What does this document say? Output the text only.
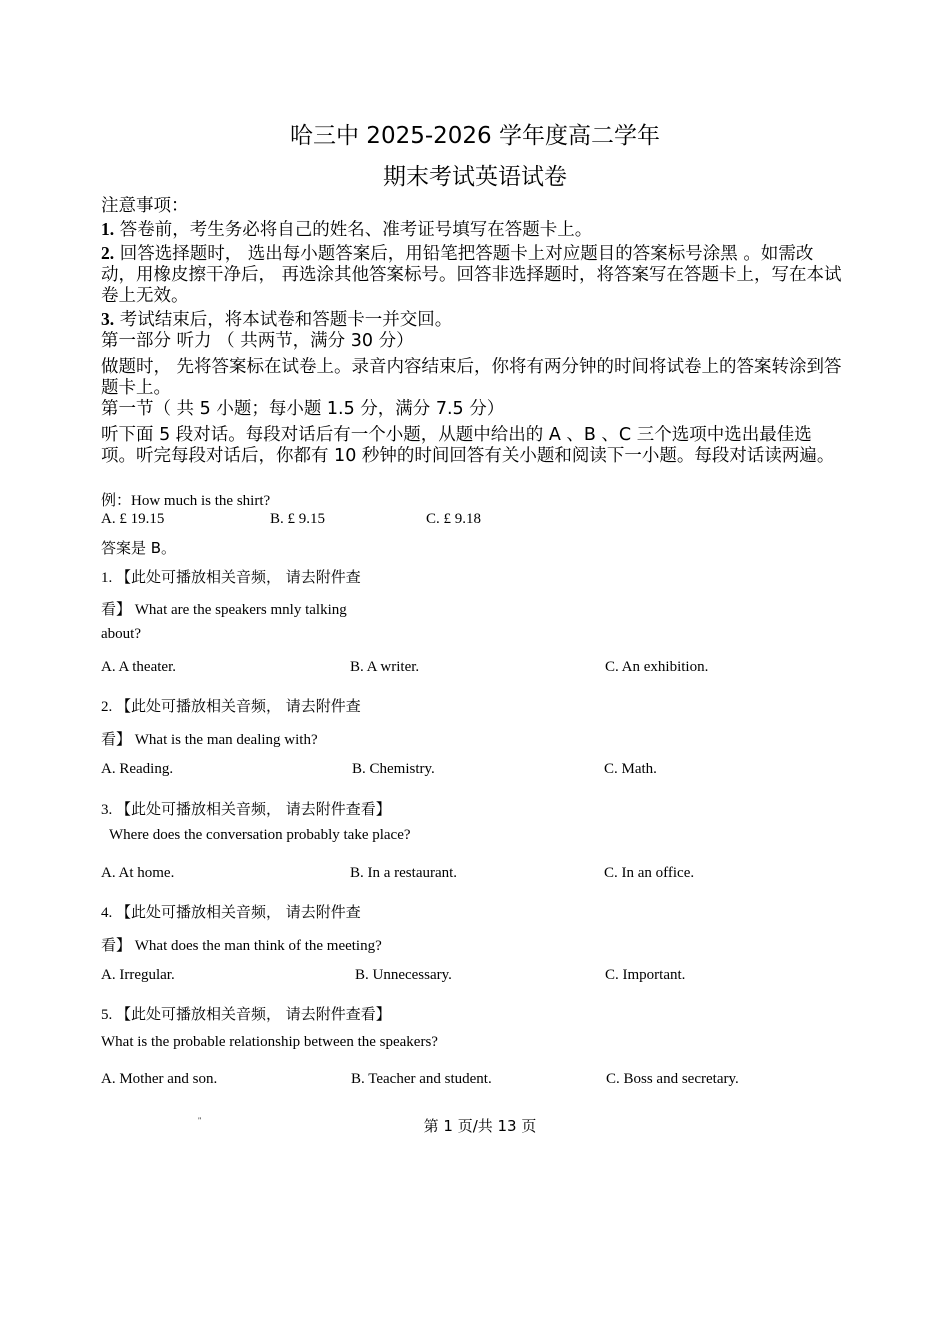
哈三中 2025-2026 学年度高二学年
期末考试英语试卷
注意事项：
1. 答卷前，考生务必将自己的姓名、准考证号填写在答题卡上。
2. 回答选择题时， 选出每小题答案后，用铅笔把答题卡上对应题目的答案标号涂黑 。如需改动，用橡皮擦干净后， 再选涂其他答案标号。回答非选择题时，将答案写在答题卡上，写在本试卷上无效。
3. 考试结束后，将本试卷和答题卡一并交回。
第一部分 听力 （ 共两节，满分 30 分）
做题时， 先将答案标在试卷上。录音内容结束后，你将有两分钟的时间将试卷上的答案转涂到答题卡上。
第一节（ 共 5 小题；每小题 1.5 分，满分 7.5 分）
听下面 5 段对话。每段对话后有一个小题，从题中给出的 A 、B 、C 三个选项中选出最佳选项。听完每段对话后，你都有 10 秒钟的时间回答有关小题和阅读下一小题。每段对话读两遍。
例：How much is the shirt?
A. £ 19.15	B. £ 9.15	C. £ 9.18
答案是 B。
1. 【此处可播放相关音频， 请去附件查
看】 What are the speakers mnly talking
about?
A. A theater.	B. A writer.	C. An exhibition.
2. 【此处可播放相关音频， 请去附件查
看】 What is the man dealing with?
A. Reading.	B. Chemistry.	C. Math.
3. 【此处可播放相关音频， 请去附件查看】
Where does the conversation probably take place?
A. At home.	B. In a restaurant.	C. In an office.
4. 【此处可播放相关音频， 请去附件查
看】 What does the man think of the meeting?
A. Irregular.	B. Unnecessary.	C. Important.
5. 【此处可播放相关音频， 请去附件查看】
What is the probable relationship between the speakers?
A. Mother and son.	B. Teacher and student.	C. Boss and secretary.
"	第 1 页/共 13 页
